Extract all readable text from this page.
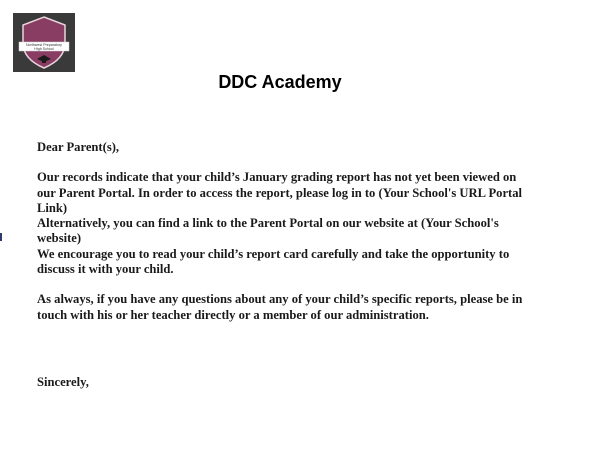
Northwest Preparatory
High School
DDC Academy

Dear Parent(s),

Our records indicate that your child’s January grading report has not yet been viewed on

our Parent Portal. In order to access the report, please log in to (Your School's URL Portal

Link)

Alternatively, you can find a link to the Parent Portal on our website at (Your School's

website)

We encourage you to read your child’s report card carefully and take the opportunity to

discuss it with your child.

As always, if you have any questions about any of your child’s specific reports, please be in

touch with his or her teacher directly or a member of our administration.

Sincerely,
